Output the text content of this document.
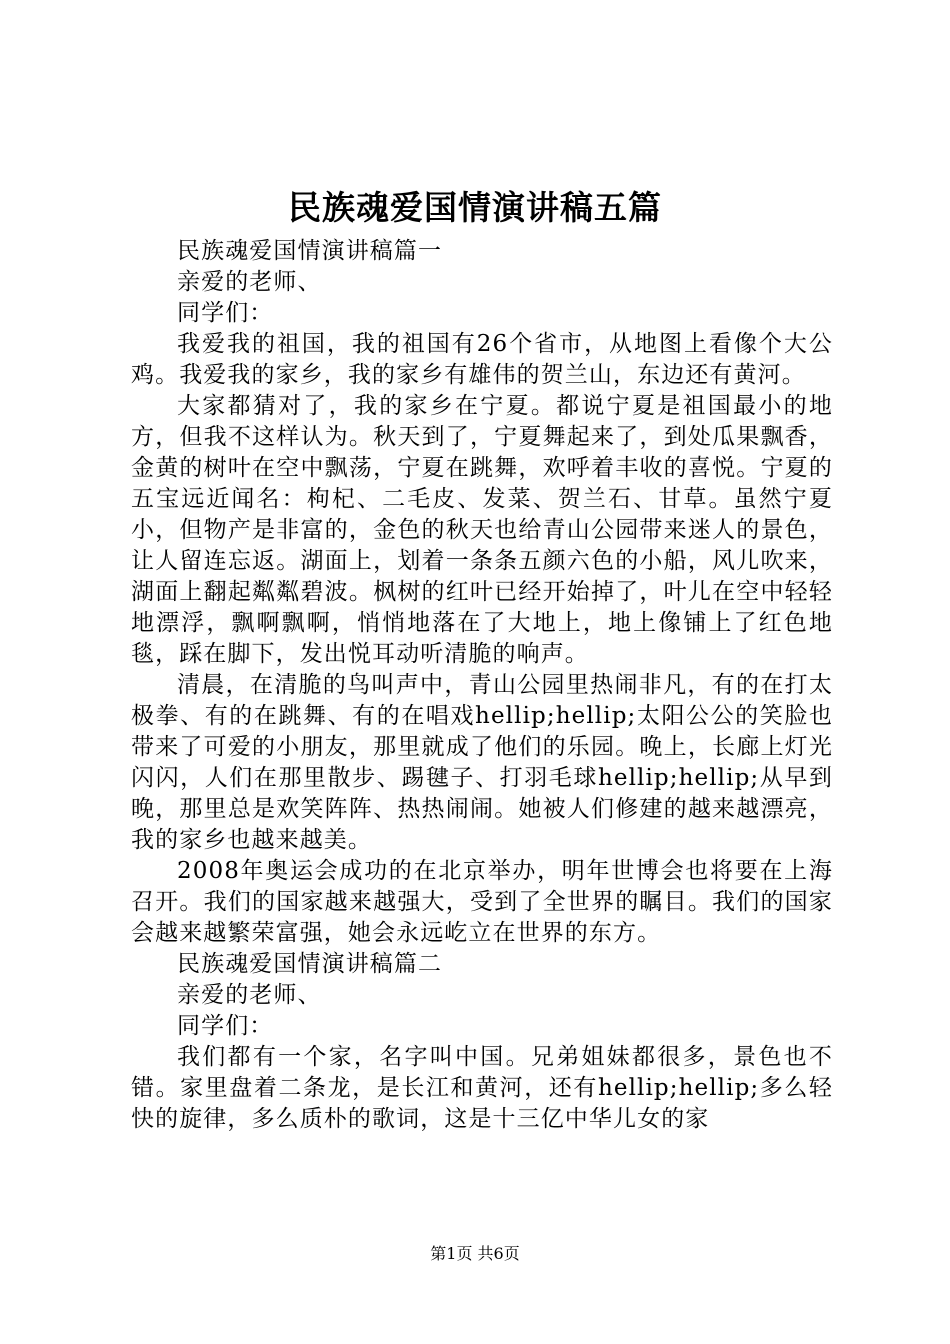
民族魂爱国情演讲稿五篇

民族魂爱国情演讲稿篇一

亲爱的老师、

同学们：

我爱我的祖国，我的祖国有26个省市，从地图上看像个大公鸡。我爱我的家乡，我的家乡有雄伟的贺兰山，东边还有黄河。

大家都猜对了，我的家乡在宁夏。都说宁夏是祖国最小的地方，但我不这样认为。秋天到了，宁夏舞起来了，到处瓜果飘香，金黄的树叶在空中飘荡，宁夏在跳舞，欢呼着丰收的喜悦。宁夏的五宝远近闻名：枸杞、二毛皮、发菜、贺兰石、甘草。虽然宁夏小，但物产是非富的，金色的秋天也给青山公园带来迷人的景色，让人留连忘返。湖面上，划着一条条五颜六色的小船，风儿吹来，湖面上翻起粼粼碧波。枫树的红叶已经开始掉了，叶儿在空中轻轻地漂浮，飘啊飘啊，悄悄地落在了大地上，地上像铺上了红色地毯，踩在脚下，发出悦耳动听清脆的响声。

清晨，在清脆的鸟叫声中，青山公园里热闹非凡，有的在打太极拳、有的在跳舞、有的在唱戏hellip;hellip;太阳公公的笑脸也带来了可爱的小朋友，那里就成了他们的乐园。晚上，长廊上灯光闪闪，人们在那里散步、踢毽子、打羽毛球hellip;hellip;从早到晚，那里总是欢笑阵阵、热热闹闹。她被人们修建的越来越漂亮，我的家乡也越来越美。

2008年奥运会成功的在北京举办，明年世博会也将要在上海召开。我们的国家越来越强大，受到了全世界的瞩目。我们的国家会越来越繁荣富强，她会永远屹立在世界的东方。

民族魂爱国情演讲稿篇二

亲爱的老师、

同学们：

我们都有一个家，名字叫中国。兄弟姐妹都很多，景色也不错。家里盘着二条龙，是长江和黄河，还有hellip;hellip;多么轻快的旋律，多么质朴的歌词，这是十三亿中华儿女的家

第1页 共6页
